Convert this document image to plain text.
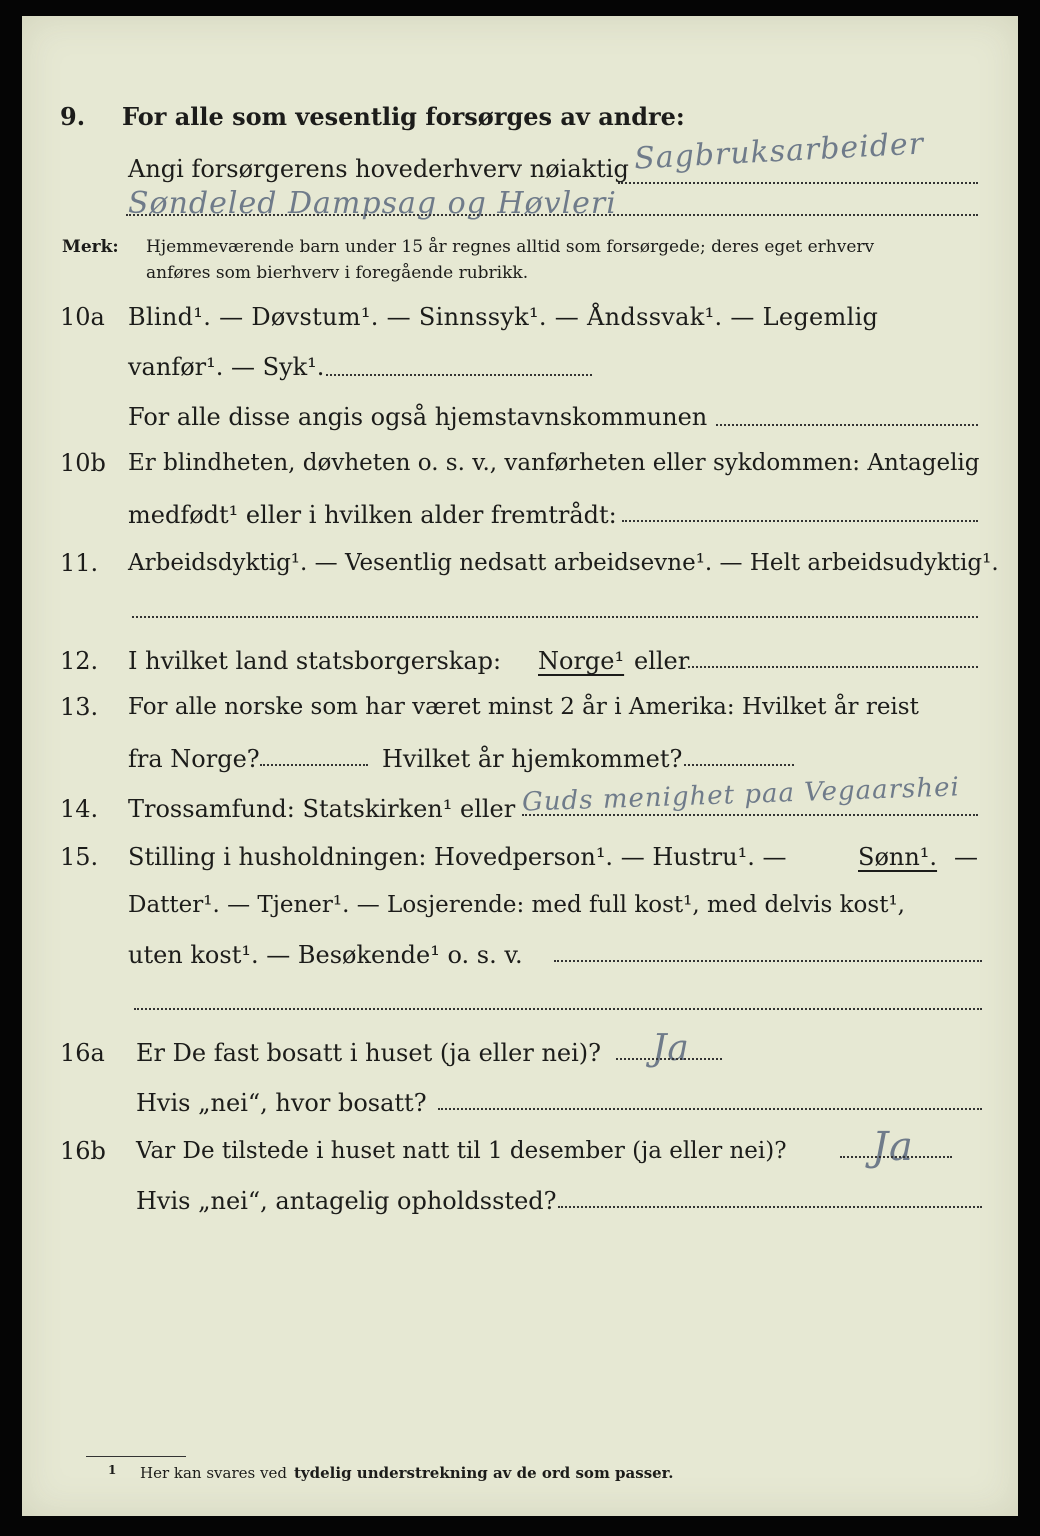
9. For alle som vesentlig forsørges av andre:
Angi forsørgerens hovederhverv nøiaktig Sagbruksarbeider
Søndeled Dampsag og Høvleri
Merk: Hjemmeværende barn under 15 år regnes alltid som forsørgede; deres eget erhverv
anføres som bierhverv i foregående rubrikk.
10a Blind¹. — Døvstum¹. — Sinnssyk¹. — Åndssvak¹. — Legemlig
vanfør¹. — Syk¹.
For alle disse angis også hjemstavnskommunen
10b Er blindheten, døvheten o. s. v., vanførheten eller sykdommen: Antagelig
medfødt¹ eller i hvilken alder fremtrådt:
11. Arbeidsdyktig¹. — Vesentlig nedsatt arbeidsevne¹. — Helt arbeidsudyktig¹.
12. I hvilket land statsborgerskap: Norge¹ eller
13. For alle norske som har været minst 2 år i Amerika: Hvilket år reist
fra Norge?	Hvilket år hjemkommet?
14. Trossamfund: Statskirken¹ eller Guds menighet paa Vegaarshei
15. Stilling i husholdningen: Hovedperson¹. — Hustru¹. —	Sønn¹. —
Datter¹. — Tjener¹. — Losjerende: med full kost¹, med delvis kost¹,
uten kost¹. — Besøkende¹ o. s. v.
16a Er De fast bosatt i huset (ja eller nei)? Ja
Hvis „nei“, hvor bosatt?
16b Var De tilstede i huset natt til 1 desember (ja eller nei)? Ja
Hvis „nei“, antagelig opholdssted?
1 Her kan svares ved tydelig understrekning av de ord som passer.
